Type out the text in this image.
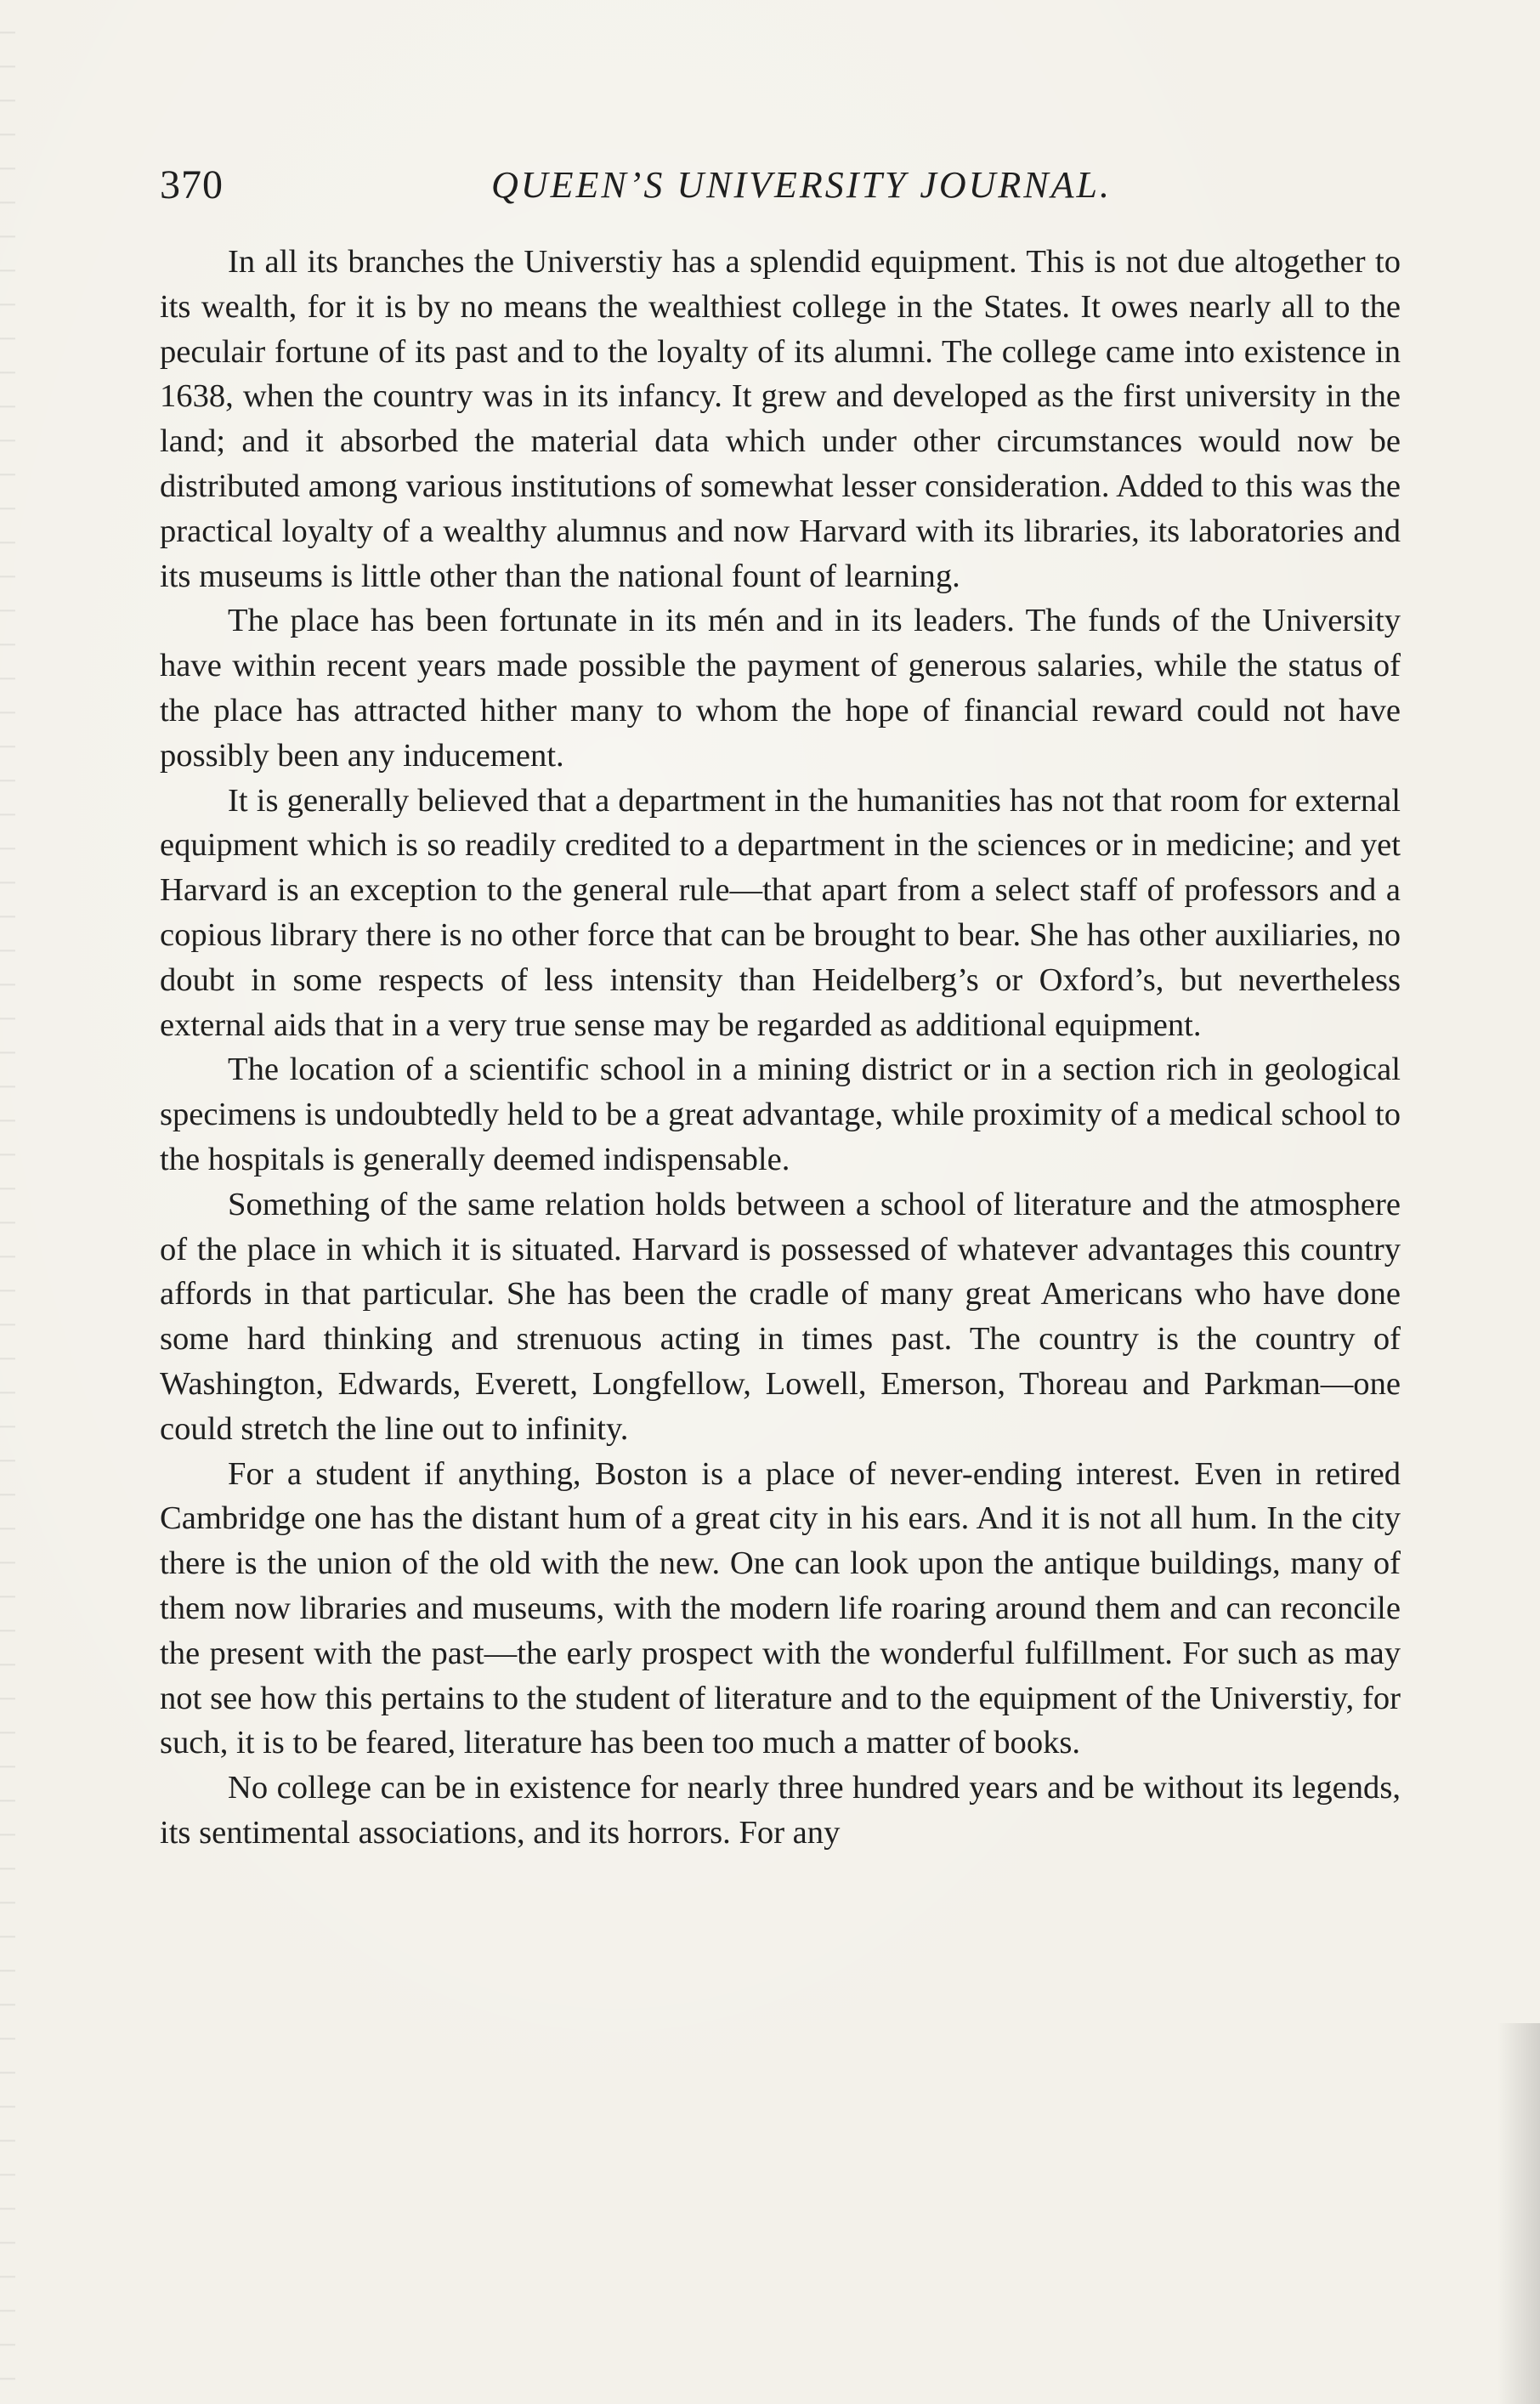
370	QUEEN’S UNIVERSITY JOURNAL.

In all its branches the Universtiy has a splendid equipment. This is not due altogether to its wealth, for it is by no means the wealthiest college in the States. It owes nearly all to the peculair fortune of its past and to the loyalty of its alumni. The college came into existence in 1638, when the country was in its infancy. It grew and developed as the first university in the land; and it absorbed the material data which under other circumstances would now be distributed among various institutions of somewhat lesser consideration. Added to this was the practical loyalty of a wealthy alumnus and now Harvard with its libraries, its laboratories and its museums is little other than the national fount of learning.

The place has been fortunate in its mén and in its leaders. The funds of the University have within recent years made possible the payment of generous salaries, while the status of the place has attracted hither many to whom the hope of financial reward could not have possibly been any inducement.

It is generally believed that a department in the humanities has not that room for external equipment which is so readily credited to a department in the sciences or in medicine; and yet Harvard is an exception to the general rule—that apart from a select staff of professors and a copious library there is no other force that can be brought to bear. She has other auxiliaries, no doubt in some respects of less intensity than Heidelberg’s or Oxford’s, but nevertheless external aids that in a very true sense may be regarded as additional equipment.

The location of a scientific school in a mining district or in a section rich in geological specimens is undoubtedly held to be a great advantage, while proximity of a medical school to the hospitals is generally deemed indispensable.

Something of the same relation holds between a school of literature and the atmosphere of the place in which it is situated. Harvard is possessed of whatever advantages this country affords in that particular. She has been the cradle of many great Americans who have done some hard thinking and strenuous acting in times past. The country is the country of Washington, Edwards, Everett, Longfellow, Lowell, Emerson, Thoreau and Parkman—one could stretch the line out to infinity.

For a student if anything, Boston is a place of never-ending interest. Even in retired Cambridge one has the distant hum of a great city in his ears. And it is not all hum. In the city there is the union of the old with the new. One can look upon the antique buildings, many of them now libraries and museums, with the modern life roaring around them and can reconcile the present with the past—the early prospect with the wonderful fulfillment. For such as may not see how this pertains to the student of literature and to the equipment of the Universtiy, for such, it is to be feared, literature has been too much a matter of books.

No college can be in existence for nearly three hundred years and be without its legends, its sentimental associations, and its horrors. For any
